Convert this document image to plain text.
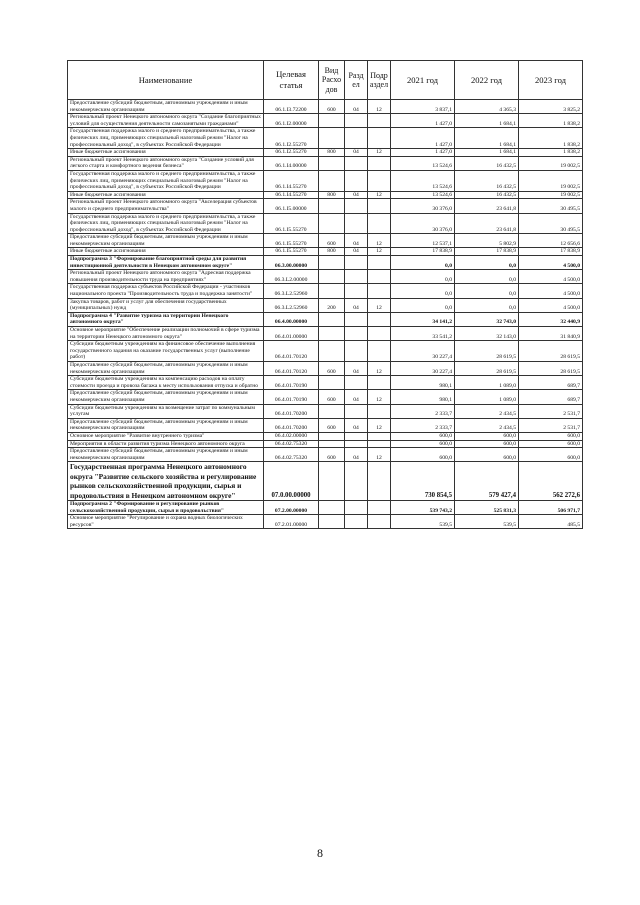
Наименование	Целевая статья	Вид Расхо дов	Разд ел	Подр аздел	2021 год	2022 год	2023 год
Предоставление субсидий бюджетным, автономным учреждениям и иным некоммерческим организациям	06.1.I3.72200	600	04	12	3 837,1	4 365,3	3 825,2
Региональный проект Ненецкого автономного округа "Создание благоприятных условий для осуществления деятельности самозанятыми гражданами"	06.1.I2.00000				1 427,0	1 684,1	1 838,2
Государственная поддержка малого и среднего предпринимательства, а также физических лиц, применяющих специальный налоговый режим "Налог на профессиональный доход", в субъектах Российской Федерации	06.1.I2.55270				1 427,0	1 684,1	1 838,2
Иные бюджетные ассигнования	06.1.I2.55270	800	04	12	1 427,0	1 684,1	1 838,2
Региональный проект Ненецкого автономного округа "Создание условий для легкого старта и комфортного ведения бизнеса"	06.1.I4.00000				13 524,6	16 432,5	19 002,5
Государственная поддержка малого и среднего предпринимательства, а также физических лиц, применяющих специальный налоговый режим "Налог на профессиональный доход", в субъектах Российской Федерации	06.1.I4.55270				13 524,6	16 432,5	19 002,5
Иные бюджетные ассигнования	06.1.I4.55270	800	04	12	13 524,6	16 432,5	19 002,5
Региональный проект Ненецкого автономного округа "Акселерация субъектов малого и среднего предпринимательства"	06.1.I5.00000				30 376,0	23 641,8	30 495,5
Государственная поддержка малого и среднего предпринимательства, а также физических лиц, применяющих специальный налоговый режим "Налог на профессиональный доход", в субъектах Российской Федерации	06.1.I5.55270				30 376,0	23 641,8	30 495,5
Предоставление субсидий бюджетным, автономным учреждениям и иным некоммерческим организациям	06.1.I5.55270	600	04	12	12 537,1	5 802,9	12 656,6
Иные бюджетные ассигнования	06.1.I5.55270	800	04	12	17 838,9	17 838,9	17 838,9
Подпрограмма 3 "Формирование благоприятной среды для развития инвестиционной деятельности в Ненецком автономном округе"	06.3.00.00000				0,0	0,0	4 500,0
Региональный проект Ненецкого автономного округа "Адресная поддержка повышения производительности труда на предприятиях"	06.3.L2.00000				0,0	0,0	4 500,0
Государственная поддержка субъектов Российской Федерации - участников национального проекта "Производительность труда и поддержка занятости"	06.3.L2.52960				0,0	0,0	4 500,0
Закупка товаров, работ и услуг для обеспечения государственных (муниципальных) нужд	06.3.L2.52960	200	04	12	0,0	0,0	4 500,0
Подпрограмма 4 "Развитие туризма на территории Ненецкого автономного округа"	06.4.00.00000				34 141,2	32 743,0	32 440,9
Основное мероприятие "Обеспечение реализации полномочий в сфере туризма на территории Ненецкого автономного округа"	06.4.01.00000				33 541,2	32 143,0	31 840,9
Субсидии бюджетным учреждениям на финансовое обеспечение выполнения государственного задания на оказание государственных услуг (выполнение работ)	06.4.01.70120				30 227,4	28 619,5	28 619,5
Предоставление субсидий бюджетным, автономным учреждениям и иным некоммерческим организациям	06.4.01.70120	600	04	12	30 227,4	28 619,5	28 619,5
Субсидии бюджетным учреждениям на компенсацию расходов на оплату стоимости проезда и провоза багажа к месту использования отпуска и обратно	06.4.01.70190				980,1	1 089,0	689,7
Предоставление субсидий бюджетным, автономным учреждениям и иным некоммерческим организациям	06.4.01.70190	600	04	12	980,1	1 089,0	689,7
Субсидии бюджетным учреждениям на возмещение затрат по коммунальным услугам	06.4.01.70200				2 333,7	2 434,5	2 531,7
Предоставление субсидий бюджетным, автономным учреждениям и иным некоммерческим организациям	06.4.01.70200	600	04	12	2 333,7	2 434,5	2 531,7
Основное мероприятие "Развитие внутреннего туризма"	06.4.02.00000				600,0	600,0	600,0
Мероприятия в области развития туризма Ненецкого автономного округа	06.4.02.75320				600,0	600,0	600,0
Предоставление субсидий бюджетным, автономным учреждениям и иным некоммерческим организациям	06.4.02.75320	600	04	12	600,0	600,0	600,0
Государственная программа Ненецкого автономного округа "Развитие сельского хозяйства и регулирование рынков сельскохозяйственной продукции, сырья и продовольствия в Ненецком автономном округе"	07.0.00.00000				730 854,5	579 427,4	562 272,6
Подпрограмма 2 "Формирование и регулирование рынков сельскохозяйственной продукции, сырья и продовольствия"	07.2.00.00000				539 743,2	525 831,3	506 971,7
Основное мероприятие "Регулирование и охрана водных биологических ресурсов"	07.2.01.00000				539,5	539,5	485,5
8
